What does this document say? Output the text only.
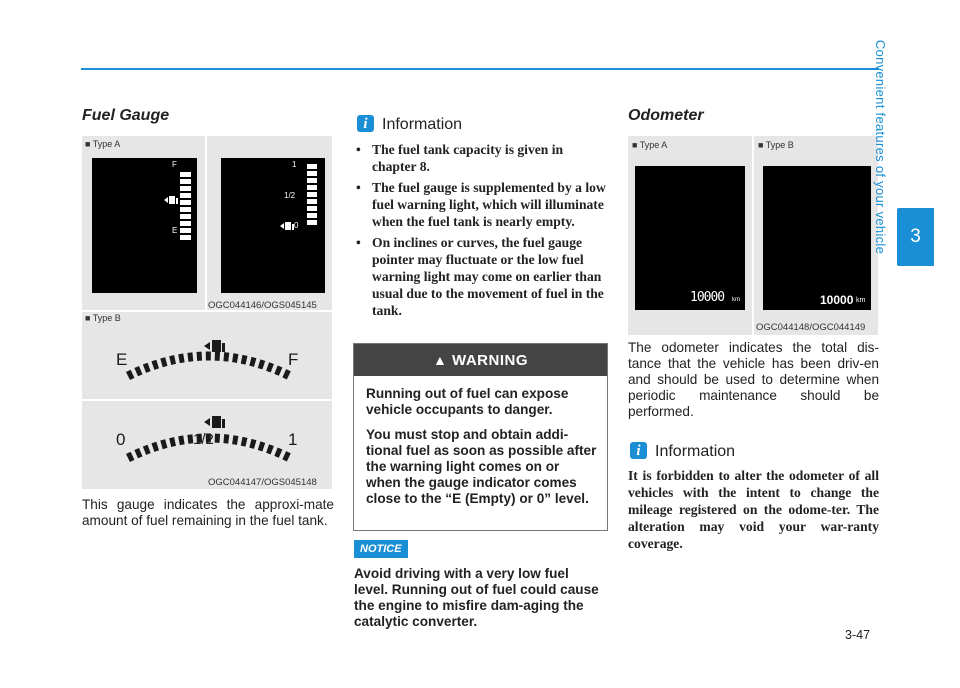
Fuel Gauge
■ Type A
F
E
1
1/2
0
OGC044146/OGS045145
■ Type B
E	F
0	1/2	1
OGC044147/OGS045148
This gauge indicates the approxi-mate amount of fuel remaining in the fuel tank.
i Information
• The fuel tank capacity is given in chapter 8.
• The fuel gauge is supplemented by a low fuel warning light, which will illuminate when the fuel tank is nearly empty.
• On inclines or curves, the fuel gauge pointer may fluctuate or the low fuel warning light may come on earlier than usual due to the movement of fuel in the tank.
▲ WARNING

Running out of fuel can expose vehicle occupants to danger.

You must stop and obtain addi-tional fuel as soon as possible after the warning light comes on or when the gauge indicator comes close to the “E (Empty) or 0” level.

NOTICE
Avoid driving with a very low fuel level. Running out of fuel could cause the engine to misfire dam-aging the catalytic converter.
Odometer
■ Type A	■ Type B
10000 km	10000 km
OGC044148/OGC044149
The odometer indicates the total dis-tance that the vehicle has been driv-en and should be used to determine when periodic maintenance should be performed.
i Information
It is forbidden to alter the odometer of all vehicles with the intent to change the mileage registered on the odome-ter. The alteration may void your war-ranty coverage.
3
Convenient features of your vehicle
3-47
